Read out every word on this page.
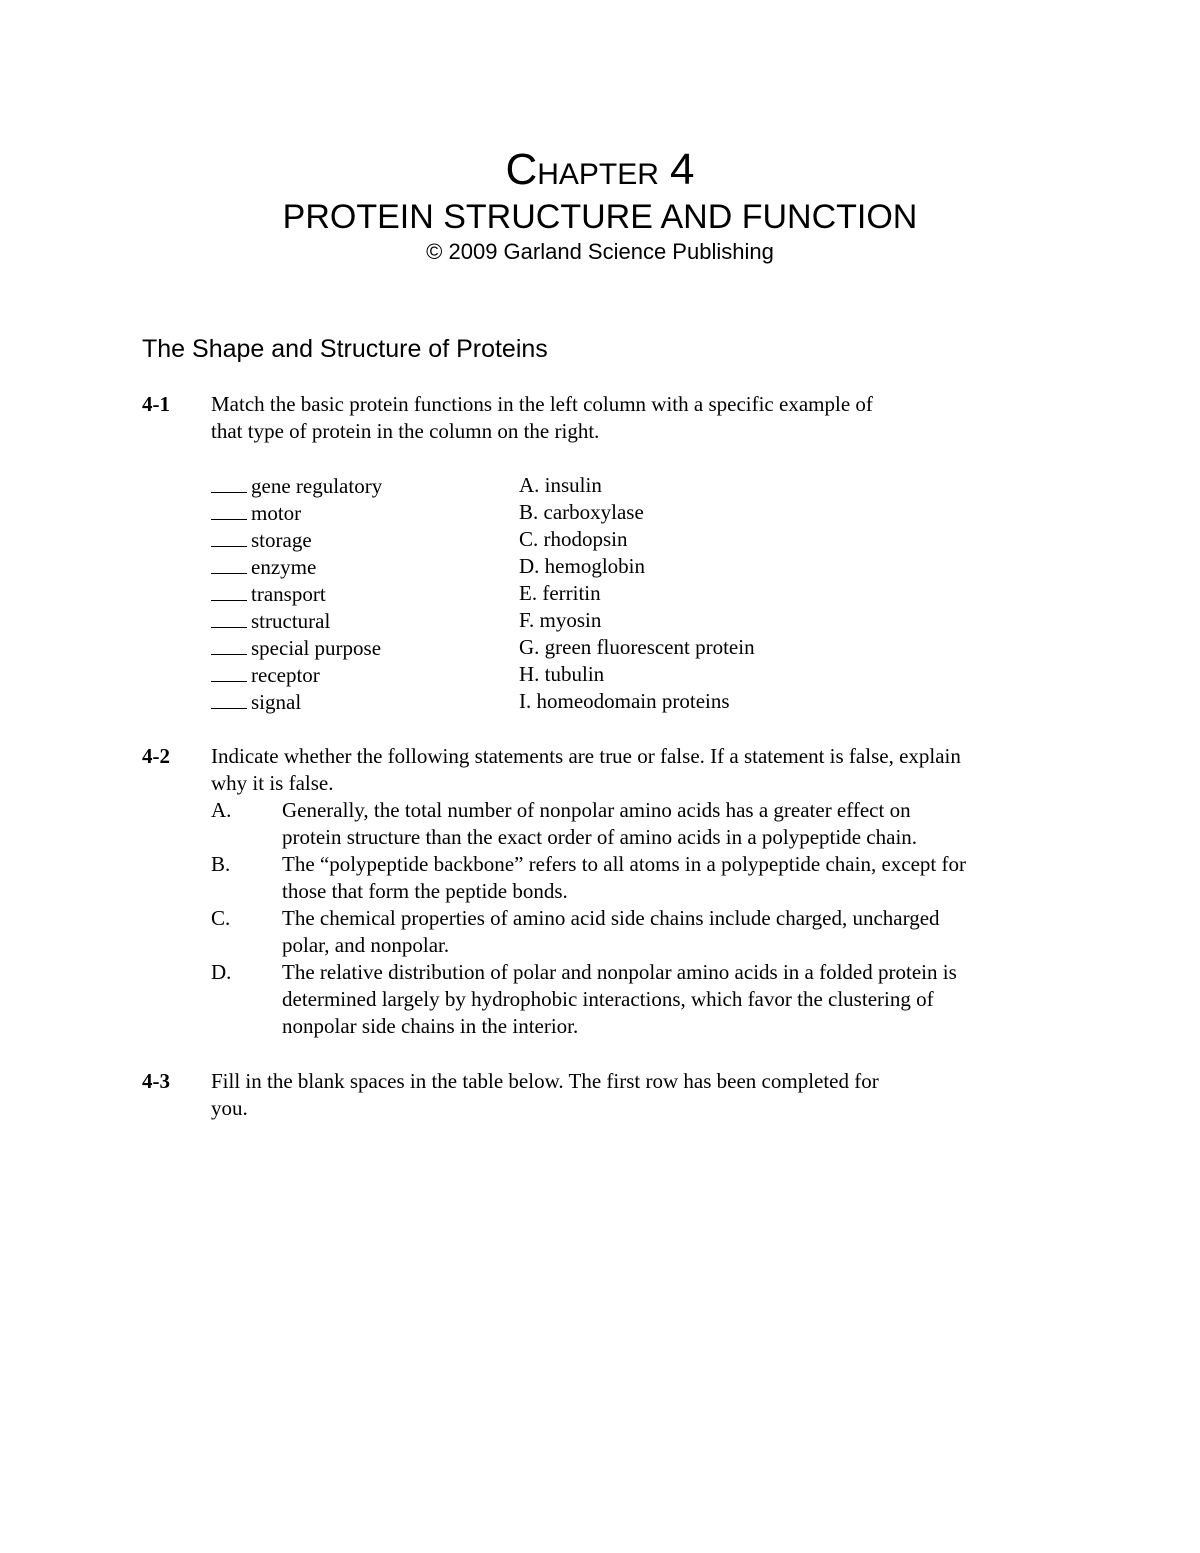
CHAPTER 4
PROTEIN STRUCTURE AND FUNCTION
© 2009 Garland Science Publishing
The Shape and Structure of Proteins
4-1 Match the basic protein functions in the left column with a specific example of
that type of protein in the column on the right.
gene regulatory	A. insulin
motor	B. carboxylase
storage	C. rhodopsin
enzyme	D. hemoglobin
transport	E. ferritin
structural	F. myosin
special purpose	G. green fluorescent protein
receptor	H. tubulin
signal	I. homeodomain proteins
4-2 Indicate whether the following statements are true or false. If a statement is false, explain
why it is false.
A. Generally, the total number of nonpolar amino acids has a greater effect on
protein structure than the exact order of amino acids in a polypeptide chain.
B. The “polypeptide backbone” refers to all atoms in a polypeptide chain, except for
those that form the peptide bonds.
C. The chemical properties of amino acid side chains include charged, uncharged
polar, and nonpolar.
D. The relative distribution of polar and nonpolar amino acids in a folded protein is
determined largely by hydrophobic interactions, which favor the clustering of
nonpolar side chains in the interior.
4-3 Fill in the blank spaces in the table below. The first row has been completed for
you.
